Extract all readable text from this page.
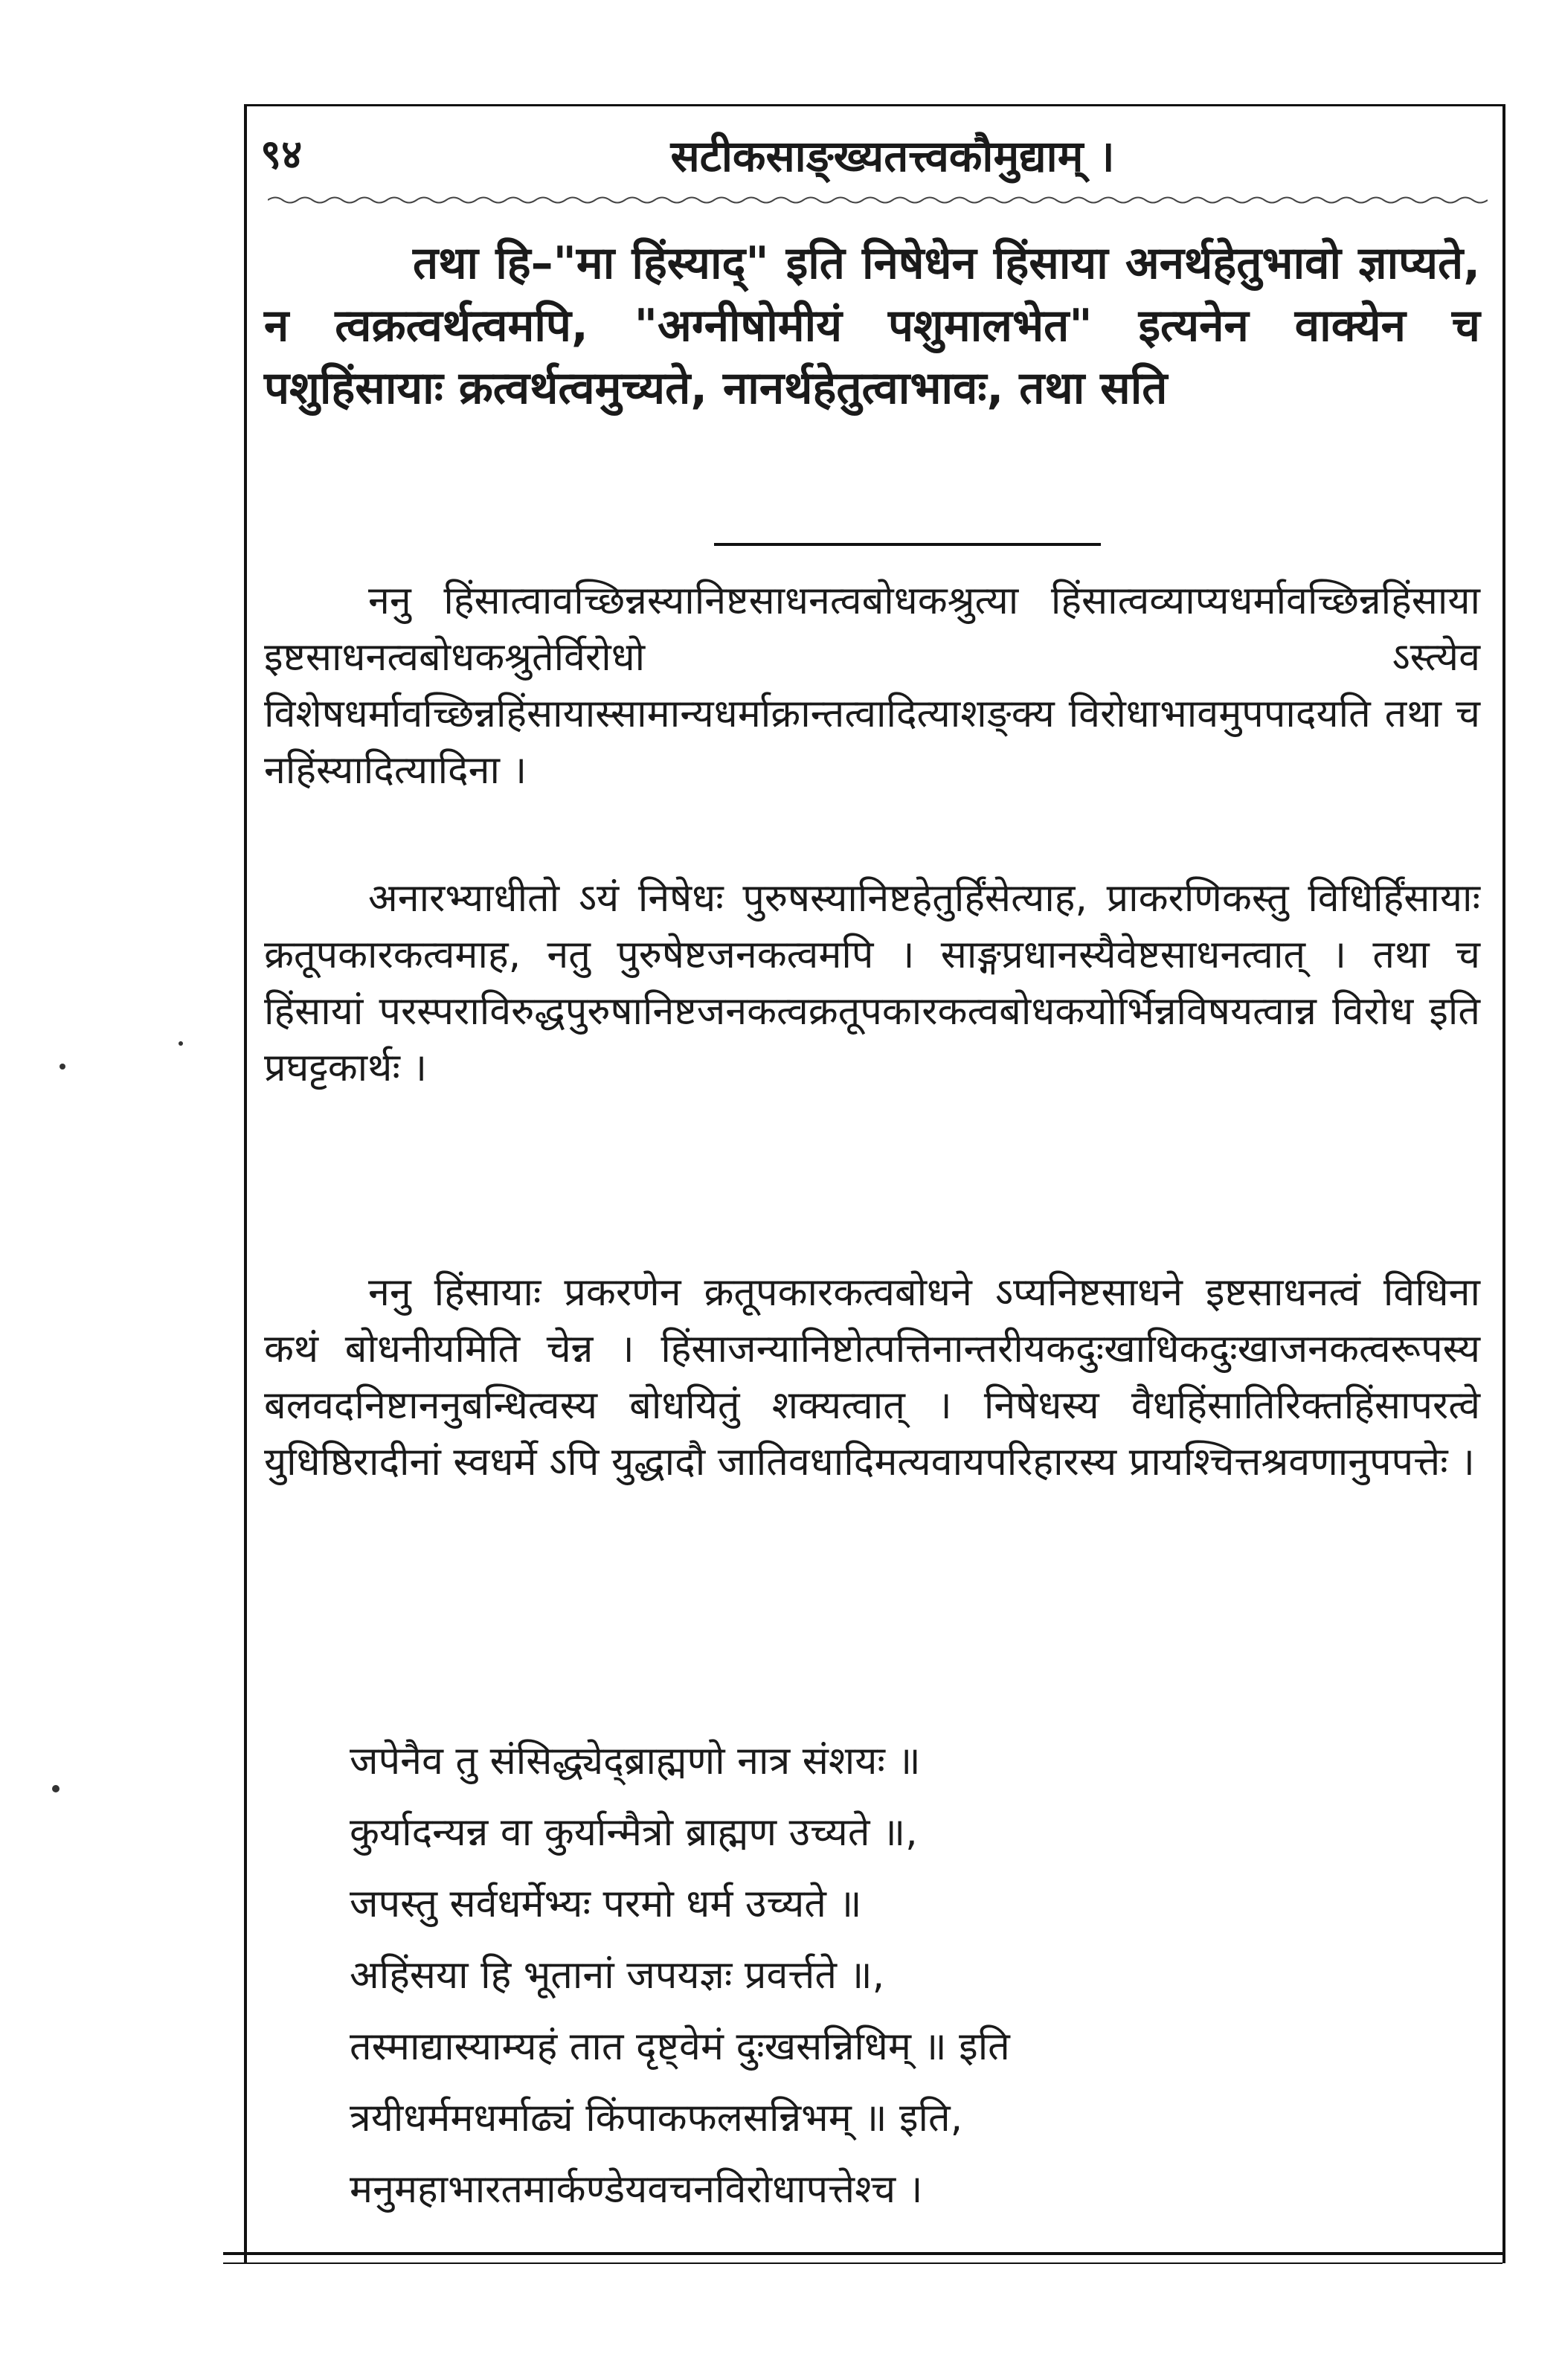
९४	सटीकसाङ्ख्यतत्त्वकौमुद्याम् ।

तथा हि–"मा हिंस्याद्" इति निषेधेन हिंसाया अनर्थहेतुभावो ज्ञाप्यते, न त्वक्रत्वर्थत्वमपि, "अग्नीषोमीयं पशुमालभेत" इत्यनेन वाक्येन च पशुहिंसायाः क्रत्वर्थत्वमुच्यते, नानर्थहेतुत्वाभावः, तथा सति

ननु हिंसात्वावच्छिन्नस्यानिष्टसाधनत्वबोधकश्रुत्या हिंसात्वव्याप्यधर्मावच्छिन्नहिंसाया इष्टसाधनत्वबोधकश्रुतेर्विरोधो ऽस्त्येव विशेषधर्मावच्छिन्नहिंसायास्सामान्यधर्माक्रान्तत्वादित्याशङ्क्य विरोधाभावमुपपादयति तथा च नहिंस्यादित्यादिना ।

अनारभ्याधीतो ऽयं निषेधः पुरुषस्यानिष्टहेतुर्हिंसेत्याह, प्राकरणिकस्तु विधिर्हिंसायाः क्रतूपकारकत्वमाह, नतु पुरुषेष्टजनकत्वमपि । साङ्गप्रधानस्यैवेष्टसाधनत्वात् । तथा च हिंसायां परस्पराविरुद्धपुरुषानिष्टजनकत्वक्रतूपकारकत्वबोधकयोर्भिन्नविषयत्वान्न विरोध इति प्रघट्टकार्थः ।

ननु हिंसायाः प्रकरणेन क्रतूपकारकत्वबोधने ऽप्यनिष्टसाधने इष्टसाधनत्वं विधिना कथं बोधनीयमिति चेन्न । हिंसाजन्यानिष्टोत्पत्तिनान्तरीयकदुःखाधिकदुःखाजनकत्वरूपस्य बलवदनिष्टाननुबन्धित्वस्य बोधयितुं शक्यत्वात् । निषेधस्य वैधहिंसातिरिक्तहिंसापरत्वे युधिष्ठिरादीनां स्वधर्मे ऽपि युद्धादौ जातिवधादिमत्यवायपरिहारस्य प्रायश्चित्तश्रवणानुपपत्तेः ।

जपेनैव तु संसिद्ध्येद्ब्राह्मणो नात्र संशयः ॥
कुर्यादन्यन्न वा कुर्यान्मैत्रो ब्राह्मण उच्यते ॥,
जपस्तु सर्वधर्मेभ्यः परमो धर्म उच्यते ॥
अहिंसया हि भूतानां जपयज्ञः प्रवर्त्तते ॥,
तस्माद्यास्याम्यहं तात दृष्ट्वेमं दुःखसन्निधिम् ॥ इति
त्रयीधर्ममधर्माढ्यं किंपाकफलसन्निभम् ॥ इति,
मनुमहाभारतमार्कण्डेयवचनविरोधापत्तेश्च ।
